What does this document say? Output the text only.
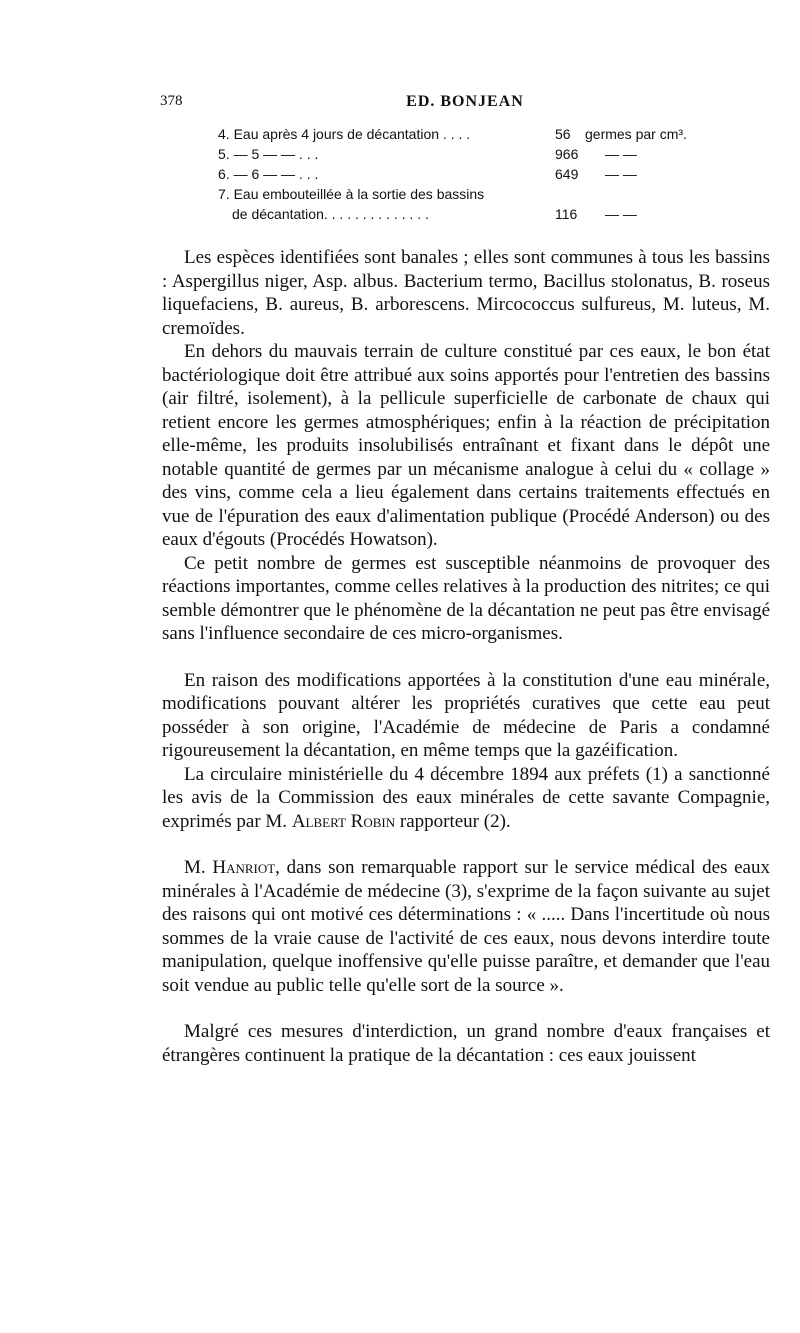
378	ED. BONJEAN
4. Eau après 4 jours de décantation . . . .	56 germes par cm³.
5. — 5 — — . . .	966 — —
6. — 6 — — . . .	649 — —
7. Eau embouteillée à la sortie des bassins
de décantation. . . . . . . . . . . . . .	116 — —

Les espèces identifiées sont banales ; elles sont communes à tous les bassins : Aspergillus niger, Asp. albus. Bacterium termo, Bacillus stolonatus, B. roseus liquefaciens, B. aureus, B. arborescens. Mircococcus sulfureus, M. luteus, M. cremoïdes.

En dehors du mauvais terrain de culture constitué par ces eaux, le bon état bactériologique doit être attribué aux soins apportés pour l'entretien des bassins (air filtré, isolement), à la pellicule superficielle de carbonate de chaux qui retient encore les germes atmosphériques; enfin à la réaction de précipitation elle-même, les produits insolubilisés entraînant et fixant dans le dépôt une notable quantité de germes par un mécanisme analogue à celui du « collage » des vins, comme cela a lieu également dans certains traitements effectués en vue de l'épuration des eaux d'alimentation publique (Procédé Anderson) ou des eaux d'égouts (Procédés Howatson).

Ce petit nombre de germes est susceptible néanmoins de provoquer des réactions importantes, comme celles relatives à la production des nitrites; ce qui semble démontrer que le phénomène de la décantation ne peut pas être envisagé sans l'influence secondaire de ces micro-organismes.

En raison des modifications apportées à la constitution d'une eau minérale, modifications pouvant altérer les propriétés curatives que cette eau peut posséder à son origine, l'Académie de médecine de Paris a condamné rigoureusement la décantation, en même temps que la gazéification.

La circulaire ministérielle du 4 décembre 1894 aux préfets (1) a sanctionné les avis de la Commission des eaux minérales de cette savante Compagnie, exprimés par M. Albert Robin rapporteur (2).

M. Hanriot, dans son remarquable rapport sur le service médical des eaux minérales à l'Académie de médecine (3), s'exprime de la façon suivante au sujet des raisons qui ont motivé ces déterminations : « ..... Dans l'incertitude où nous sommes de la vraie cause de l'activité de ces eaux, nous devons interdire toute manipulation, quelque inoffensive qu'elle puisse paraître, et demander que l'eau soit vendue au public telle qu'elle sort de la source ».

Malgré ces mesures d'interdiction, un grand nombre d'eaux françaises et étrangères continuent la pratique de la décantation : ces eaux jouissent
